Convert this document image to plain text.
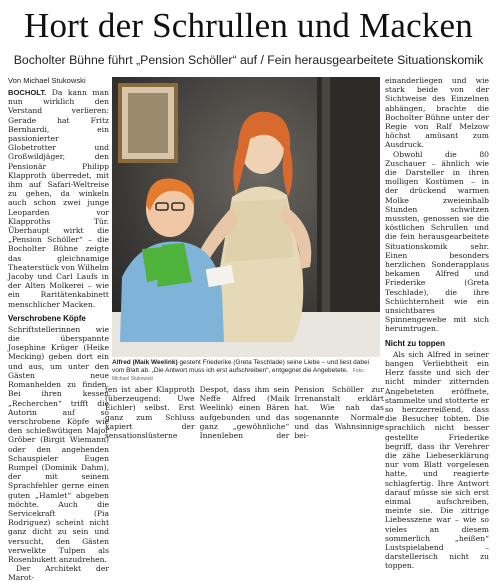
Hort der Schrullen und Macken
Bocholter Bühne führt „Pension Schöller“ auf / Fein herausgearbeitete Situationskomik
Von Michael Stukowski

BOCHOLT. Da kann man nun wirklich den Verstand verlieren: Gerade hat Fritz Bernhardi, ein passionierter Globetrotter und Großwildjäger, den Pensionär Philipp Klapproth überredet, mit ihm auf Safari-Weltreise zu gehen, da winkeln auch schon zwei junge Leoparden vor Klapproths Tür. Überhaupt wirkt die „Pension Schöller“ – die Bocholter Bühne zeigte das gleichnamige Theaterstück von Wilhelm Jacoby und Carl Laufs in der Alten Molkerei – wie ein Raritätenkabinett menschlicher Macken.

Verschrobene Köpfe

Schriftstellerinnen wie die überspannte Josephine Krüger (Heike Mecking) geben dort ein und aus, um unter den Gästen neue Romanhelden zu finden. Bei ihren kessen „Recherchen“ trifft die Autorin auf so verschrobene Köpfe wie den schießwütigen Major Gröber (Birgit Wiemann) oder den angehenden Schauspieler Eugen Rumpel (Dominik Dahm), der mit seinem Sprachfehler gerne einen guten „Hamlet“ abgeben möchte. Auch die Servicekraft (Pia Rodriguez) scheint nicht ganz dicht zu sein und versucht, den Gästen verwelkte Tulpen als Rosenbukett anzudrehen.

Der Architekt der Marot-

Alfred (Maik Weelink) gesteht Friederike (Greta Teschlade) seine Liebe – und liest dabei vom Blatt ab. „Die Antwort muss ich erst aufschreiben“, entgegnet die Angebetete. Foto: Michael Stukowski

ten ist aber Klapproth (überzeugend: Uwe Eichler) selbst. Erst ganz zum Schluss kapiert der sensationslüsterne Despot, dass ihm sein Neffe Alfred (Maik Weelink) einen Bären aufgebunden und das ganz „gewöhnliche“ Innenleben der Pension Schöller zur Irrenanstalt erklärt hat. Wie nah das sogenannte Normale und das Wahnsinnige bei-

einanderliegen und wie stark beide von der Sichtweise des Einzelnen abhängen, brachte die Bocholter Bühne unter der Regie von Ralf Melzow höchst amüsant zum Ausdruck.

Obwohl die 80 Zuschauer – ähnlich wie die Darsteller in ihren molligen Kostümen – in der drückend warmen Molke zweieinhalb Stunden schwitzen mussten, genossen sie die köstlichen Schrullen und die fein herausgearbeitete Situationskomik sehr. Einen besonders herzlichen Sonderapplaus bekamen Alfred und Friederike (Greta Teschlade), die ihre Schüchternheit wie ein unsichtbares Spinnengewebe mit sich herumtrugen.

Nicht zu toppen

Als sich Alfred in seiner bangen Verliebtheit ein Herz fasste und sich der nicht minder zitternden Angebeteten eröffnete, stammelte und stotterte er so herzzerreißend, dass die Besucher tobten. Die sprachlich nicht besser gestellte Friederike begriff, dass ihr Verehrer die zähe Liebeserklärung nur vom Blatt vorgelesen hatte, und reagierte schlagfertig. Ihre Antwort darauf müsse sie sich erst einmal aufschreiben, meinte sie. Die zittrige Liebesszene war – wie so vieles an diesem sommerlich „heißen“ Lustspielabend – darstellerisch nicht zu toppen.
